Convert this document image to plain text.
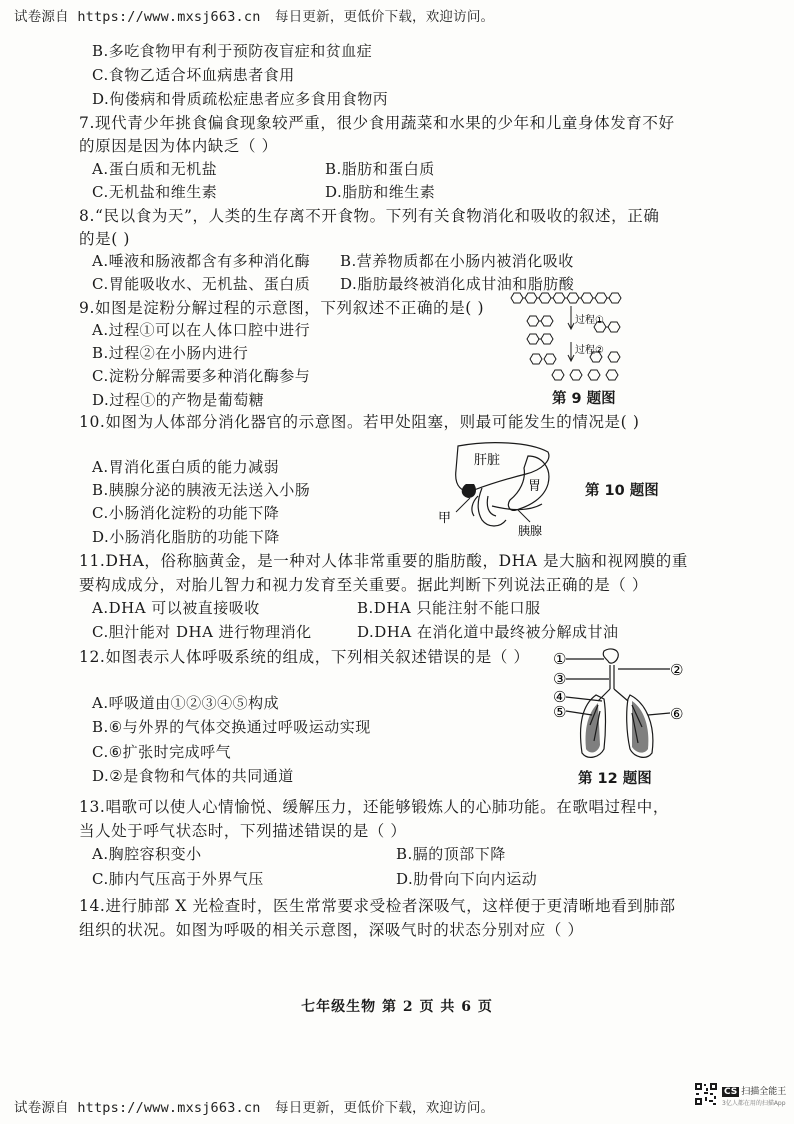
试卷源自 https://www.mxsj663.cn 每日更新，更低价下载，欢迎访问。
B.多吃食物甲有利于预防夜盲症和贫血症
C.食物乙适合坏血病患者食用
D.佝偻病和骨质疏松症患者应多食用食物丙
7.现代青少年挑食偏食现象较严重，很少食用蔬菜和水果的少年和儿童身体发育不好
的原因是因为体内缺乏（ ）
A.蛋白质和无机盐	B.脂肪和蛋白质
C.无机盐和维生素	D.脂肪和维生素
8.“民以食为天”，人类的生存离不开食物。下列有关食物消化和吸收的叙述，正确
的是( )
A.唾液和肠液都含有多种消化酶 B.营养物质都在小肠内被消化吸收
C.胃能吸收水、无机盐、蛋白质 D.脂肪最终被消化成甘油和脂肪酸
9.如图是淀粉分解过程的示意图，下列叙述不正确的是( )
A.过程①可以在人体口腔中进行
B.过程②在小肠内进行
C.淀粉分解需要多种消化酶参与
D.过程①的产物是葡萄糖
过程①
过程②
第 9 题图
10.如图为人体部分消化器官的示意图。若甲处阻塞，则最可能发生的情况是( )
A.胃消化蛋白质的能力减弱
B.胰腺分泌的胰液无法送入小肠
C.小肠消化淀粉的功能下降
D.小肠消化脂肪的功能下降
肝脏
胃
甲
胰腺
第 10 题图
11.DHA，俗称脑黄金，是一种对人体非常重要的脂肪酸，DHA 是大脑和视网膜的重
要构成成分，对胎儿智力和视力发育至关重要。据此判断下列说法正确的是（ ）
A.DHA 可以被直接吸收	B.DHA 只能注射不能口服
C.胆汁能对 DHA 进行物理消化	D.DHA 在消化道中最终被分解成甘油
12.如图表示人体呼吸系统的组成，下列相关叙述错误的是（ ）
A.呼吸道由①②③④⑤构成
B.⑥与外界的气体交换通过呼吸运动实现
C.⑥扩张时完成呼气
D.②是食物和气体的共同通道
①
②
③
④
⑤	⑥
第 12 题图
13.唱歌可以使人心情愉悦、缓解压力，还能够锻炼人的心肺功能。在歌唱过程中，
当人处于呼气状态时，下列描述错误的是（ ）
A.胸腔容积变小	B.膈的顶部下降
C.肺内气压高于外界气压	D.肋骨向下向内运动
14.进行肺部 X 光检查时，医生常常要求受检者深吸气，这样便于更清晰地看到肺部
组织的状况。如图为呼吸的相关示意图，深吸气时的状态分别对应（ ）
七年级生物 第 2 页 共 6 页
试卷源自 https://www.mxsj663.cn 每日更新，更低价下载，欢迎访问。
CS 扫描全能王
3亿人都在用的扫描App
